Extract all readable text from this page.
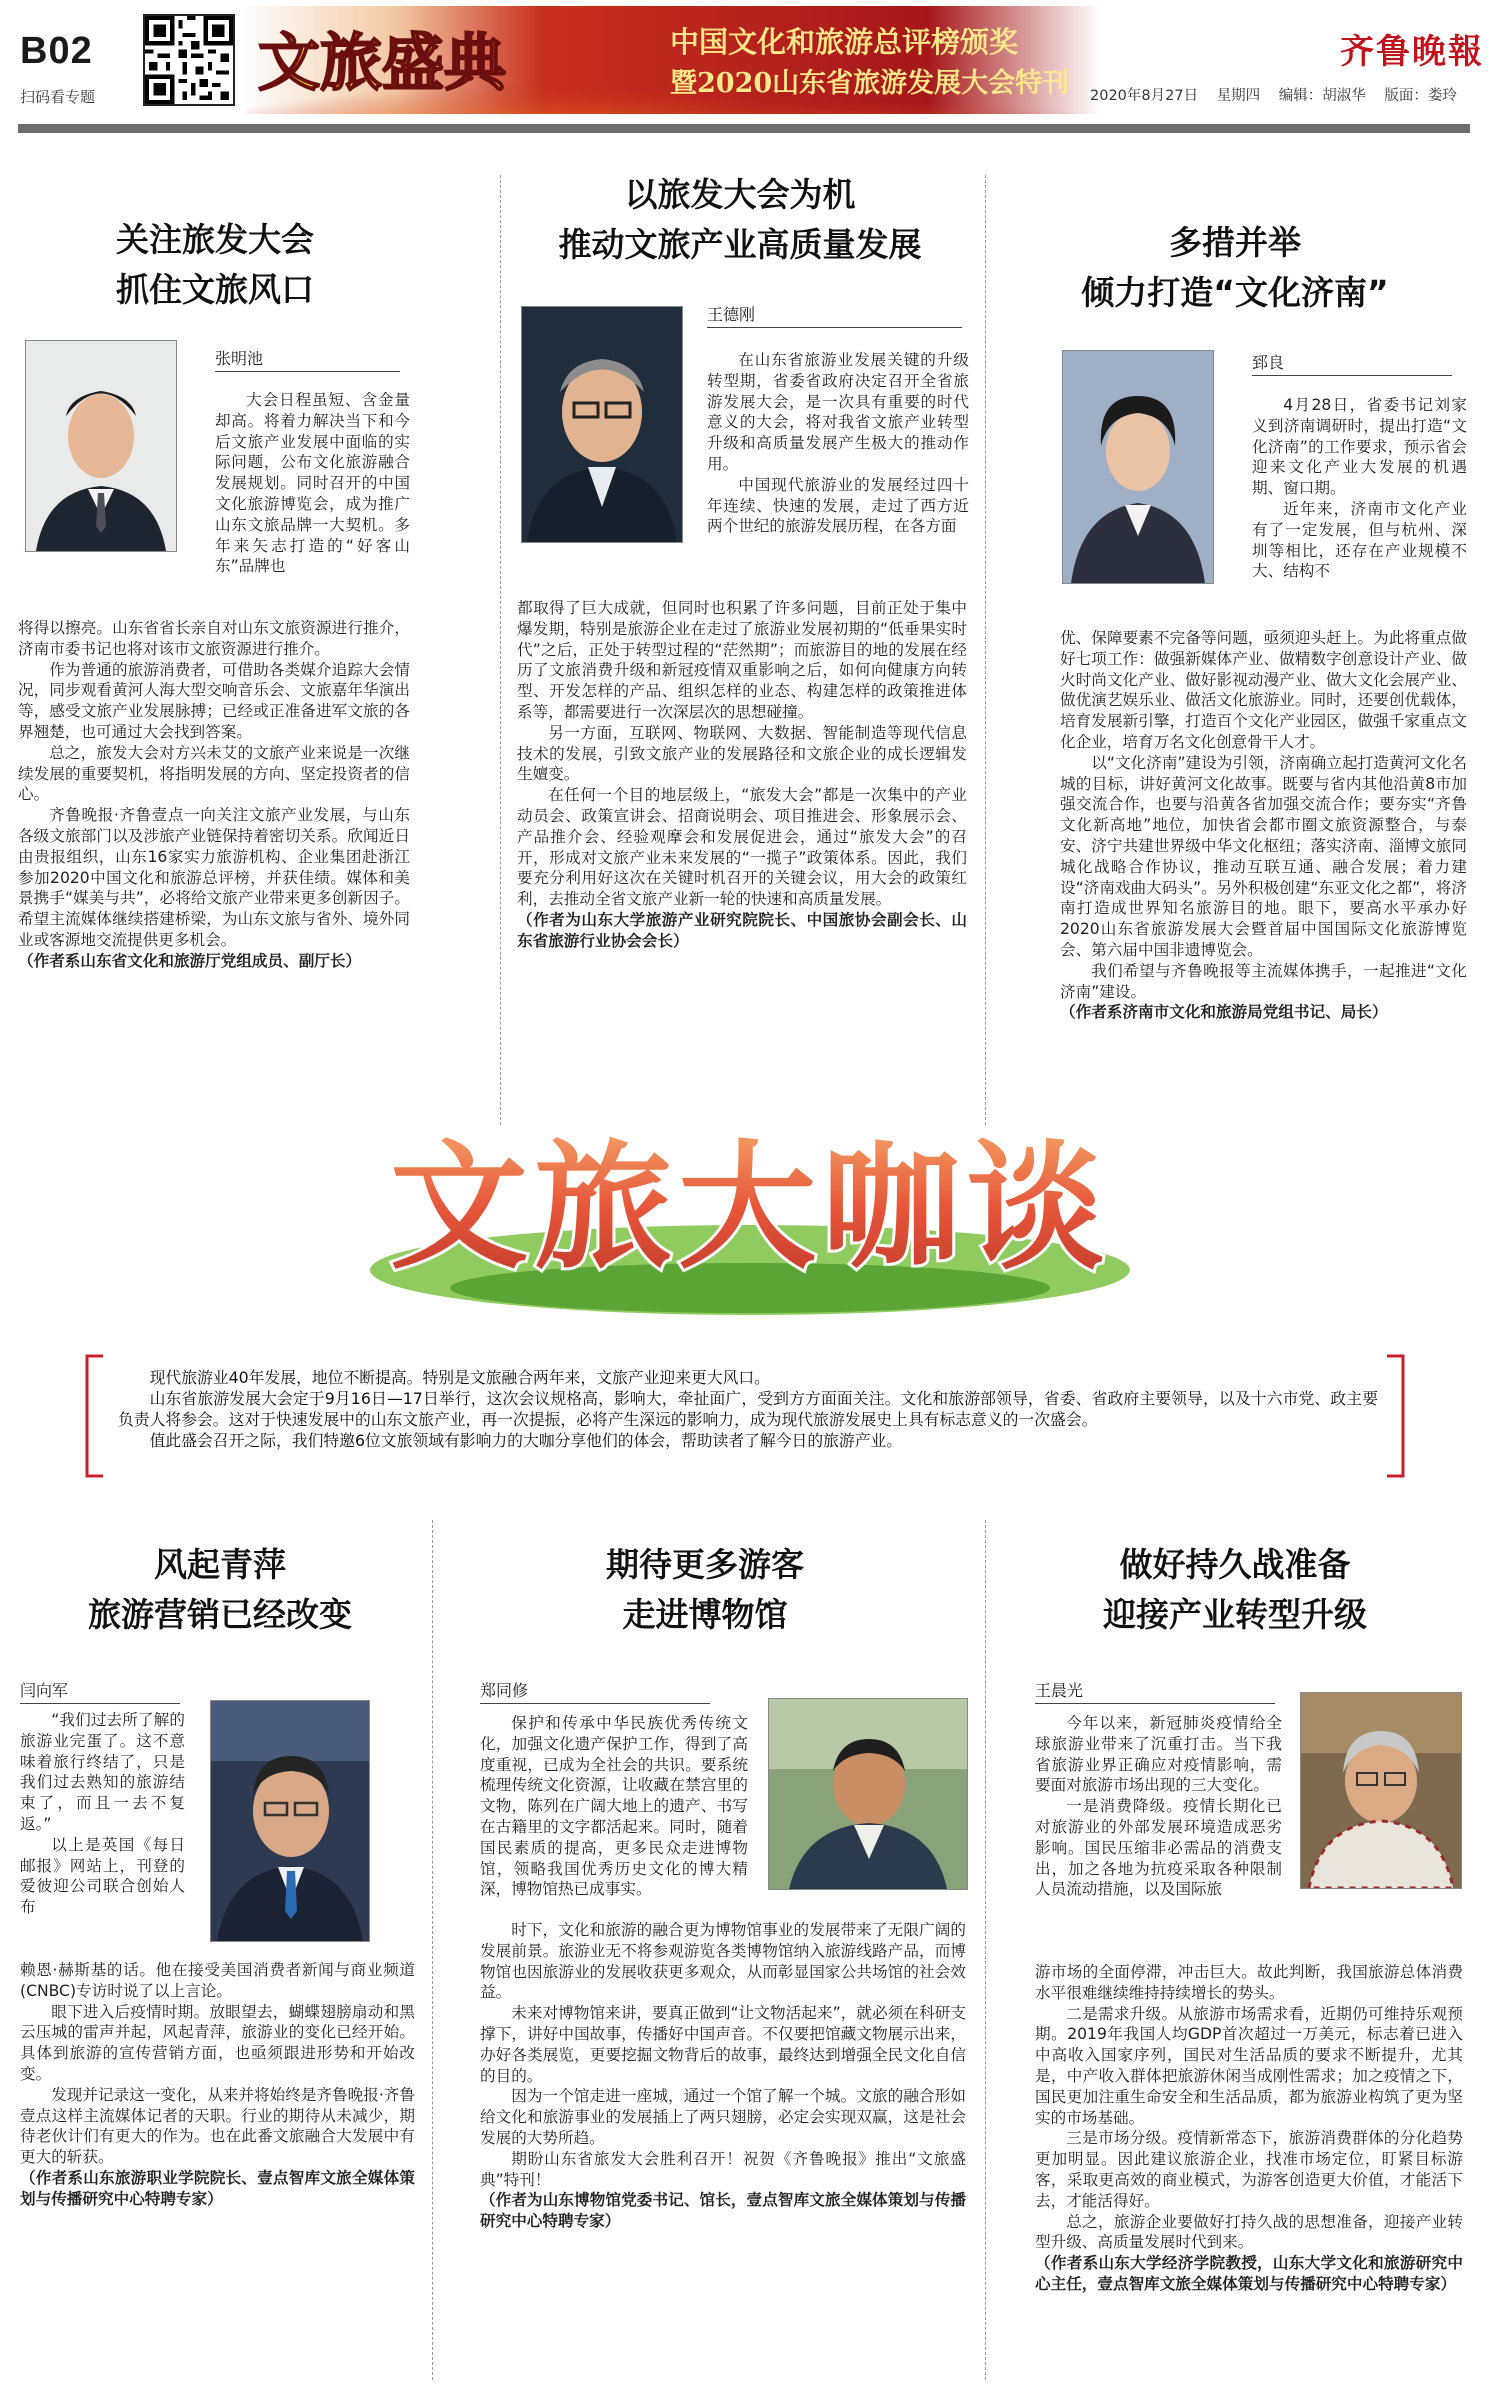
B02
扫码看专题	文旅盛典	中国文化和旅游总评榜颁奖
暨2020山东省旅游发展大会特刊
齐鲁晚報
2020年8月27日 星期四 编辑：胡淑华 版面：娄玲
关注旅发大会
抓住文旅风口
张明池

大会日程虽短、含金量却高。将着力解决当下和今后文旅产业发展中面临的实际问题，公布文化旅游融合发展规划。同时召开的中国文化旅游博览会，成为推广山东文旅品牌一大契机。多年来矢志打造的“好客山东”品牌也

将得以擦亮。山东省省长亲自对山东文旅资源进行推介，济南市委书记也将对该市文旅资源进行推介。

作为普通的旅游消费者，可借助各类媒介追踪大会情况，同步观看黄河人海大型交响音乐会、文旅嘉年华演出等，感受文旅产业发展脉搏；已经或正准备进军文旅的各界翘楚，也可通过大会找到答案。

总之，旅发大会对方兴未艾的文旅产业来说是一次继续发展的重要契机，将指明发展的方向、坚定投资者的信心。

齐鲁晚报·齐鲁壹点一向关注文旅产业发展，与山东各级文旅部门以及涉旅产业链保持着密切关系。欣闻近日由贵报组织，山东16家实力旅游机构、企业集团赴浙江参加2020中国文化和旅游总评榜，并获佳绩。媒体和美景携手“媒美与共”，必将给文旅产业带来更多创新因子。希望主流媒体继续搭建桥梁，为山东文旅与省外、境外同业或客源地交流提供更多机会。

（作者系山东省文化和旅游厅党组成员、副厅长）

以旅发大会为机
推动文旅产业高质量发展
王德刚

在山东省旅游业发展关键的升级转型期，省委省政府决定召开全省旅游发展大会，是一次具有重要的时代意义的大会，将对我省文旅产业转型升级和高质量发展产生极大的推动作用。

中国现代旅游业的发展经过四十年连续、快速的发展，走过了西方近两个世纪的旅游发展历程，在各方面

都取得了巨大成就，但同时也积累了许多问题，目前正处于集中爆发期，特别是旅游企业在走过了旅游业发展初期的“低垂果实时代”之后，正处于转型过程的“茫然期”；而旅游目的地的发展在经历了文旅消费升级和新冠疫情双重影响之后，如何向健康方向转型、开发怎样的产品、组织怎样的业态、构建怎样的政策推进体系等，都需要进行一次深层次的思想碰撞。

另一方面，互联网、物联网、大数据、智能制造等现代信息技术的发展，引致文旅产业的发展路径和文旅企业的成长逻辑发生嬗变。

在任何一个目的地层级上，“旅发大会”都是一次集中的产业动员会、政策宣讲会、招商说明会、项目推进会、形象展示会、产品推介会、经验观摩会和发展促进会，通过“旅发大会”的召开，形成对文旅产业未来发展的“一揽子”政策体系。因此，我们要充分利用好这次在关键时机召开的关键会议，用大会的政策红利，去推动全省文旅产业新一轮的快速和高质量发展。

（作者为山东大学旅游产业研究院院长、中国旅协会副会长、山东省旅游行业协会会长）

多措并举
倾力打造“文化济南”
郅良

4月28日，省委书记刘家义到济南调研时，提出打造“文化济南”的工作要求，预示省会迎来文化产业大发展的机遇期、窗口期。

近年来，济南市文化产业有了一定发展，但与杭州、深圳等相比，还存在产业规模不大、结构不

优、保障要素不完备等问题，亟须迎头赶上。为此将重点做好七项工作：做强新媒体产业、做精数字创意设计产业、做火时尚文化产业、做好影视动漫产业、做大文化会展产业、做优演艺娱乐业、做活文化旅游业。同时，还要创优载体，培育发展新引擎，打造百个文化产业园区，做强千家重点文化企业，培育万名文化创意骨干人才。

以“文化济南”建设为引领，济南确立起打造黄河文化名城的目标，讲好黄河文化故事。既要与省内其他沿黄8市加强交流合作，也要与沿黄各省加强交流合作；要夯实“齐鲁文化新高地”地位，加快省会都市圈文旅资源整合，与泰安、济宁共建世界级中华文化枢纽；落实济南、淄博文旅同城化战略合作协议，推动互联互通、融合发展；着力建设“济南戏曲大码头”。另外积极创建“东亚文化之都”，将济南打造成世界知名旅游目的地。眼下，要高水平承办好2020山东省旅游发展大会暨首届中国国际文化旅游博览会、第六届中国非遗博览会。

我们希望与齐鲁晚报等主流媒体携手，一起推进“文化济南”建设。

（作者系济南市文化和旅游局党组书记、局长）

文旅大咖谈

现代旅游业40年发展，地位不断提高。特别是文旅融合两年来，文旅产业迎来更大风口。

山东省旅游发展大会定于9月16日—17日举行，这次会议规格高，影响大，牵扯面广，受到方方面面关注。文化和旅游部领导，省委、省政府主要领导，以及十六市党、政主要负责人将参会。这对于快速发展中的山东文旅产业，再一次提振，必将产生深远的影响力，成为现代旅游发展史上具有标志意义的一次盛会。

值此盛会召开之际，我们特邀6位文旅领域有影响力的大咖分享他们的体会，帮助读者了解今日的旅游产业。

风起青萍
旅游营销已经改变
闫向军

“我们过去所了解的旅游业完蛋了。这不意味着旅行终结了，只是我们过去熟知的旅游结束了，而且一去不复返。”

以上是英国《每日邮报》网站上，刊登的爱彼迎公司联合创始人布

赖恩·赫斯基的话。他在接受美国消费者新闻与商业频道(CNBC)专访时说了以上言论。

眼下进入后疫情时期。放眼望去，蝴蝶翅膀扇动和黑云压城的雷声并起，风起青萍，旅游业的变化已经开始。具体到旅游的宣传营销方面，也亟须跟进形势和开始改变。

发现并记录这一变化，从来并将始终是齐鲁晚报·齐鲁壹点这样主流媒体记者的天职。行业的期待从未减少，期待老伙计们有更大的作为。也在此番文旅融合大发展中有更大的斩获。

（作者系山东旅游职业学院院长、壹点智库文旅全媒体策划与传播研究中心特聘专家）

期待更多游客
走进博物馆
郑同修

保护和传承中华民族优秀传统文化，加强文化遗产保护工作，得到了高度重视，已成为全社会的共识。要系统梳理传统文化资源，让收藏在禁宫里的文物，陈列在广阔大地上的遗产、书写在古籍里的文字都活起来。同时，随着国民素质的提高，更多民众走进博物馆，领略我国优秀历史文化的博大精深，博物馆热已成事实。

时下，文化和旅游的融合更为博物馆事业的发展带来了无限广阔的发展前景。旅游业无不将参观游览各类博物馆纳入旅游线路产品，而博物馆也因旅游业的发展收获更多观众，从而彰显国家公共场馆的社会效益。

未来对博物馆来讲，要真正做到“让文物活起来”，就必须在科研支撑下，讲好中国故事，传播好中国声音。不仅要把馆藏文物展示出来，办好各类展览，更要挖掘文物背后的故事，最终达到增强全民文化自信的目的。

因为一个馆走进一座城，通过一个馆了解一个城。文旅的融合形如给文化和旅游事业的发展插上了两只翅膀，必定会实现双赢，这是社会发展的大势所趋。

期盼山东省旅发大会胜利召开！祝贺《齐鲁晚报》推出“文旅盛典”特刊！

（作者为山东博物馆党委书记、馆长，壹点智库文旅全媒体策划与传播研究中心特聘专家）

做好持久战准备
迎接产业转型升级
王晨光

今年以来，新冠肺炎疫情给全球旅游业带来了沉重打击。当下我省旅游业界正确应对疫情影响，需要面对旅游市场出现的三大变化。

一是消费降级。疫情长期化已对旅游业的外部发展环境造成恶劣影响。国民压缩非必需品的消费支出，加之各地为抗疫采取各种限制人员流动措施，以及国际旅

游市场的全面停滞，冲击巨大。故此判断，我国旅游总体消费水平很难继续维持持续增长的势头。

二是需求升级。从旅游市场需求看，近期仍可维持乐观预期。2019年我国人均GDP首次超过一万美元，标志着已进入中高收入国家序列，国民对生活品质的要求不断提升，尤其是，中产收入群体把旅游休闲当成刚性需求；加之疫情之下，国民更加注重生命安全和生活品质，都为旅游业构筑了更为坚实的市场基础。

三是市场分级。疫情新常态下，旅游消费群体的分化趋势更加明显。因此建议旅游企业，找准市场定位，盯紧目标游客，采取更高效的商业模式，为游客创造更大价值，才能活下去，才能活得好。

总之，旅游企业要做好打持久战的思想准备，迎接产业转型升级、高质量发展时代到来。

（作者系山东大学经济学院教授，山东大学文化和旅游研究中心主任，壹点智库文旅全媒体策划与传播研究中心特聘专家）
